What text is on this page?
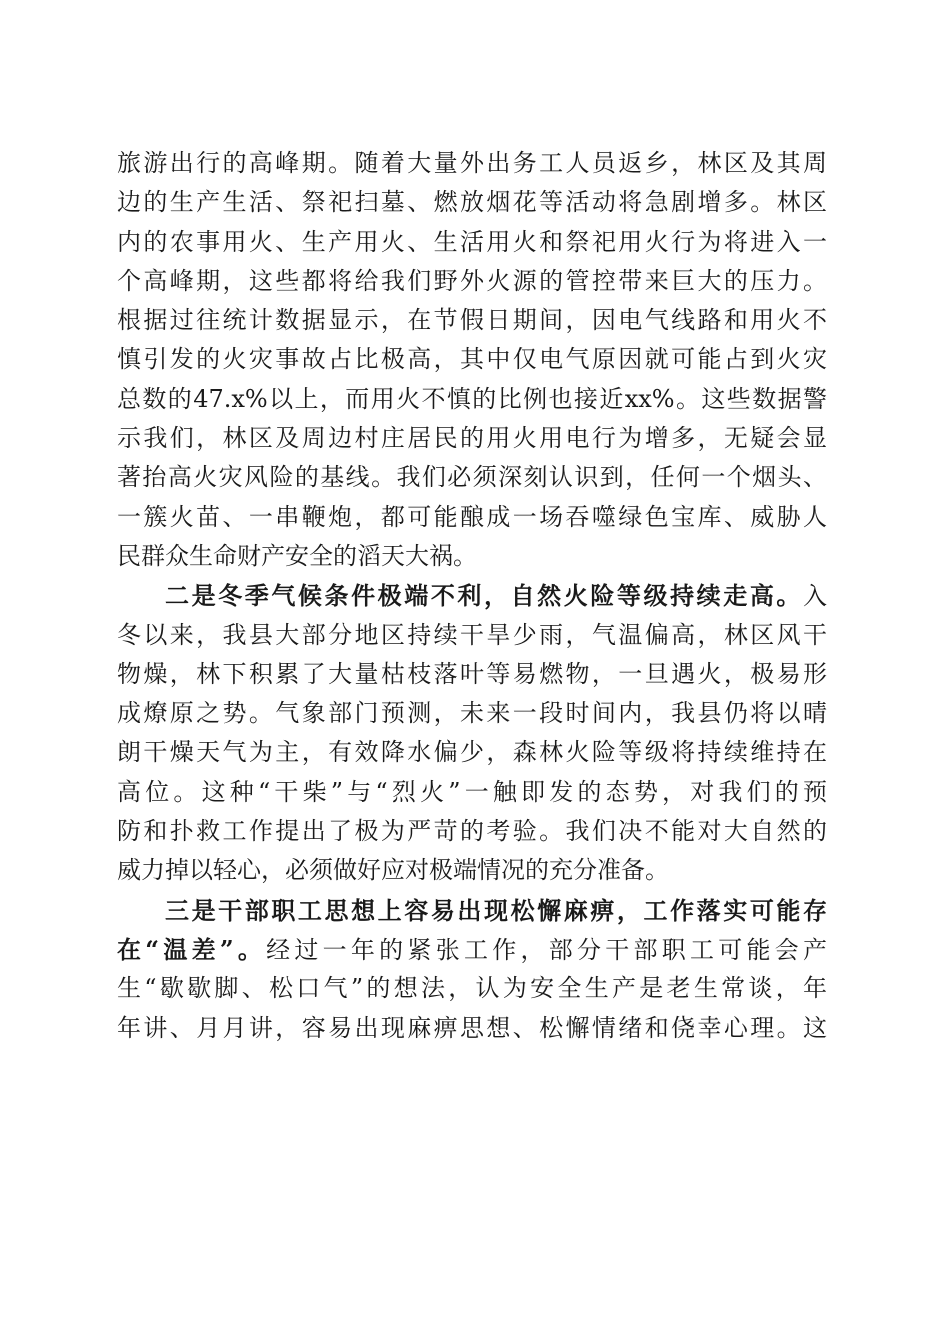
旅游出行的高峰期。随着大量外出务工人员返乡，林区及其周
边的生产生活、祭祀扫墓、燃放烟花等活动将急剧增多。林区
内的农事用火、生产用火、生活用火和祭祀用火行为将进入一
个高峰期，这些都将给我们野外火源的管控带来巨大的压力。
根据过往统计数据显示，在节假日期间，因电气线路和用火不
慎引发的火灾事故占比极高，其中仅电气原因就可能占到火灾
总数的47.x%以上，而用火不慎的比例也接近xx%。这些数据警
示我们，林区及周边村庄居民的用火用电行为增多，无疑会显
著抬高火灾风险的基线。我们必须深刻认识到，任何一个烟头、
一簇火苗、一串鞭炮，都可能酿成一场吞噬绿色宝库、威胁人
民群众生命财产安全的滔天大祸。
二是冬季气候条件极端不利，自然火险等级持续走高。入
冬以来，我县大部分地区持续干旱少雨，气温偏高，林区风干
物燥，林下积累了大量枯枝落叶等易燃物，一旦遇火，极易形
成燎原之势。气象部门预测，未来一段时间内，我县仍将以晴
朗干燥天气为主，有效降水偏少，森林火险等级将持续维持在
高位。这种“干柴”与“烈火”一触即发的态势，对我们的预
防和扑救工作提出了极为严苛的考验。我们决不能对大自然的
威力掉以轻心，必须做好应对极端情况的充分准备。
三是干部职工思想上容易出现松懈麻痹，工作落实可能存
在“温差”。经过一年的紧张工作，部分干部职工可能会产
生“歇歇脚、松口气”的想法，认为安全生产是老生常谈，年
年讲、月月讲，容易出现麻痹思想、松懈情绪和侥幸心理。这
